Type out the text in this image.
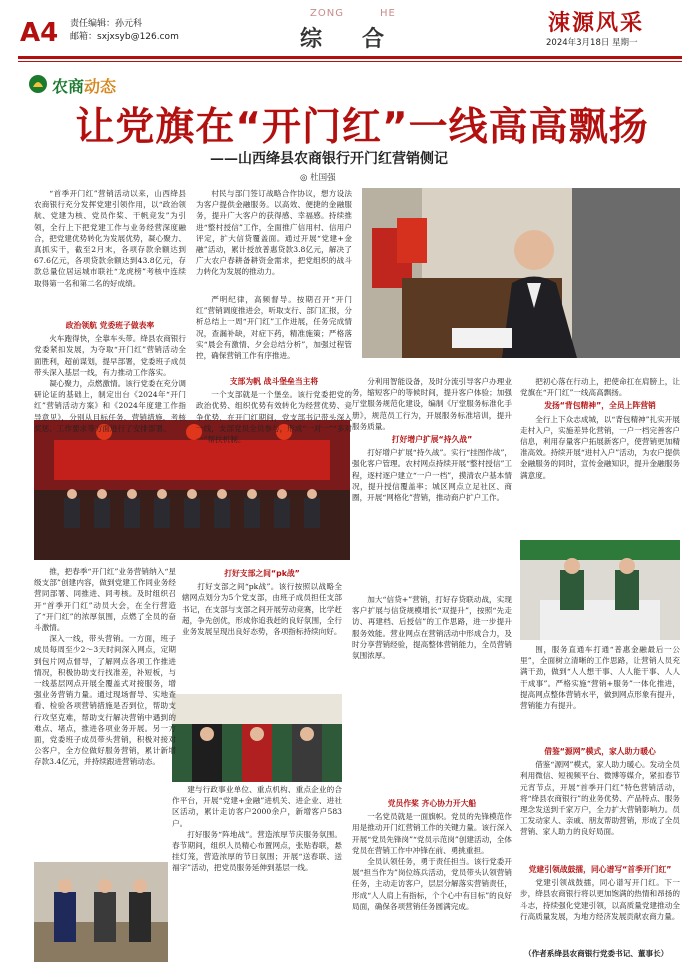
A4 责任编辑：孙元科
邮箱：sxjxsyb@126.com
ZONG	HE
综合
涑源风采
2024年3月18日 星期一
农商动态
让党旗在“开门红”一线高高飘扬
——山西绛县农商银行开门红营销侧记
◎ 杜国强

“首季开门红”营销活动以来，山西绛县农商银行充分发挥党建引领作用，以“政治领航、党建为核、党员作桨、干帆竞发”为引领，全行上下把党建工作与业务经营深度融合，把党建优势转化为发展优势，凝心聚力、真抓实干，截至2月末，各项存款余额达到67.6亿元，各项贷款余额达到43.8亿元，存款总量位居运城市联社“龙虎榜”考核中连续取得第一名和第二名的好成绩。

政治领航 党委班子做表率

火车跑得快，全靠车头带。绛县农商银行党委紧扣发展，为夺取“开门红”营销活动全面胜利，超前谋划，提早部署，党委班子成员带头深入基层一线，有力推动工作落实。

凝心聚力，点燃激情。该行党委在充分调研论证的基础上，制定出台《2024年“开门红”营销活动方案》和《2024年度建工作指导意见》，分别从目标任务、营销措施、考核奖惩、工作要求等方面进行了安排部署。

村民与部门签订战略合作协议，想方设法为客户提供金融服务。以高效、便捷的金融服务，提升广大客户的获得感、幸福感。持续推进“整村授信”工作，全面推广信用村、信用户评定，扩大信贷覆盖面。通过开展“党建+金融”活动，累计授放普惠贷款3.8亿元，解决了广大农户春耕备耕资金需求，把党组织的战斗力转化为发展的推动力。

严明纪律，高频督导。按期召开“开门红”营销调度推进会，听取支行、部门汇报，分析总结上一周“开门红”工作进展，任务完成情况，查漏补缺，对症下药，精准施策；严格落实“晨会有激情、夕会总结分析”，加强过程管控，确保营销工作有序推进。

支部为帆 战斗堡垒当主将

一个支部就是一个堡垒。该行党委把党的政治优势、组织优势有效转化为经营优势、竞争优势，在开门红期间，党支部书记带头深入一线，支部党员全员参与，形成“一对一”“多对一”帮扶机制。

推，把春季“开门红”业务营销纳入“星级支部”创建内容，做到党建工作同业务经营同部署、同推进、同考核。及时组织召开“首季开门红”动员大会，在全行营造了“开门红”的浓厚氛围，点燃了全员的奋斗激情。

深入一线，带头营销。一方面，班子成员每周至少2～3天时间深入网点，定期到包片网点督导，了解网点各项工作推进情况，积极协助支行找准差，补短板，与一线基层网点开展全覆盖式对接服务，增强业务营销力量。通过现场督导、实地查看、检验各项营销措施是否到位，帮助支行攻坚克难，帮助支行解决营销中遇到的难点、堵点，推进各项业务开展。另一方面，党委班子成员带头营销，积极对接对公客户，全方位做好服务营销，累计新增存款3.4亿元，并持续跟进营销动态。

打好支部之间“pk战”

打好支部之间“pk战”。该行按照以战略全辖网点划分为5个党支部，由班子成员担任支部书记，在支部与支部之间开展劳动竞赛，比学赶超，争先创优，形成你追我赶的良好氛围，全行业务发展呈现出良好态势，各项指标持续向好。

建与行政事业单位、重点机构、重点企业的合作平台，开展“党建+金融”进机关、进企业、进社区活动，累计走访客户2000余户，新增客户583户。

打好服务“阵地战”。营造浓厚节庆服务氛围。春节期间，组织人员精心布置网点，张贴春联，悬挂灯笼，营造浓厚的节日氛围；开展“送春联、送福字”活动，把党员服务延伸到基层一线。

分利用智能设备，及时分流引导客户办理业务，缩短客户的等候时间，提升客户体验；加强厅堂服务规范化建设，编制《厅堂服务标准化手册》，规范员工行为，开展服务标准培训，提升服务质量。

打好增户扩展“持久战”

打好增户扩展“持久战”。实行“挂图作战”，强化客户管理。农村网点持续开展“整村授信”工程，逐村逐户建立“一户一档”，摸清农户基本情况，提升授信覆盖率；城区网点立足社区、商圈，开展“网格化”营销，推动商户扩户工作。

加大“信贷+”营销，打好存贷联动战，实现客户扩展与信贷规模增长“双提升”，按照“先走访、再建档、后授信”的工作思路，进一步提升服务效能。营业网点在营销活动中形成合力，及时分享营销经验，提高整体营销能力，全员营销氛围浓厚。

党员作桨 齐心协力开大船

一名党员就是一面旗帜。党员的先锋模范作用是推动开门红营销工作的关键力量。该行深入开展“党员先锋岗”“党员示范岗”创建活动，全体党员在营销工作中冲锋在前、勇挑重担。

全员认领任务，勇于责任担当。该行党委开展“担当作为”岗位练兵活动，党员带头认领营销任务，主动走访客户，层层分解落实营销责任，形成“人人肩上有指标，个个心中有目标”的良好局面，确保各项营销任务圆满完成。

把初心落在行动上，把使命扛在肩膀上，让党旗在“开门红”一线高高飘扬。

发扬“背包精神”，全员上阵营销

全行上下众志成城，以“背包精神”扎实开展走村入户，实施差异化营销，一户一档完善客户信息，利用存量客户拓展新客户，使营销更加精准高效。持续开展“进村入户”活动，为农户提供金融服务的同时，宣传金融知识，提升金融服务满意度。

围，服务直通车打通“普惠金融最后一公里”，全面树立清晰的工作思路，让营销人员充满干劲，做到“人人想干事、人人能干事、人人干成事”。严格实施“营销+服务”一体化推进，提高网点整体营销水平，做到网点形象有提升，营销能力有提升。

借鉴“源网”模式，家人助力暖心

借鉴“源网”模式，家人助力暖心。发动全员利用微信、短视频平台、微博等媒介，紧扣春节元宵节点，开展“首季开门红”特色营销活动，将“绛县农商银行”的业务优势、产品特点、服务理念发送到千家万户，全力扩大营销影响力。员工发动家人、亲戚、朋友帮助营销，形成了全员营销、家人助力的良好局面。

党建引领战鼓擂，同心谱写“首季开门红”

党建引领战鼓擂，同心谱写开门红。下一步，绛县农商银行将以更加饱满的热情和昂扬的斗志，持续强化党建引领，以高质量党建推动全行高质量发展，为地方经济发展贡献农商力量。

（作者系绛县农商银行党委书记、董事长）
